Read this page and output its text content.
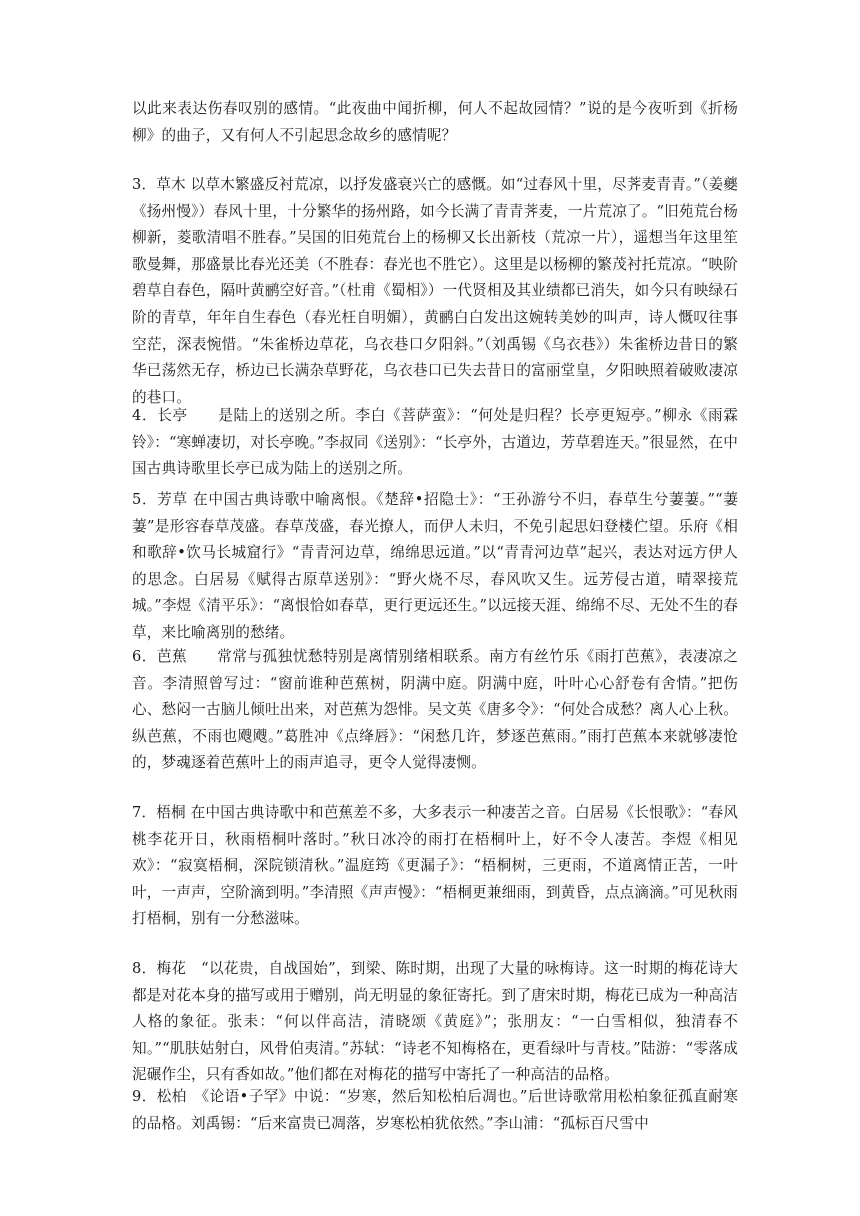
以此来表达伤春叹别的感情。“此夜曲中闻折柳，何人不起故园情？”说的是今夜听到《折杨柳》的曲子，又有何人不引起思念故乡的感情呢？

3．草木 以草木繁盛反衬荒凉，以抒发盛衰兴亡的感慨。如“过春风十里，尽荠麦青青。”（姜夔《扬州慢》）春风十里，十分繁华的扬州路，如今长满了青青荠麦，一片荒凉了。“旧苑荒台杨柳新，菱歌清唱不胜春。”吴国的旧苑荒台上的杨柳又长出新枝（荒凉一片），遥想当年这里笙歌曼舞，那盛景比春光还美（不胜春：春光也不胜它）。这里是以杨柳的繁茂衬托荒凉。“映阶碧草自春色，隔叶黄鹂空好音。”（杜甫《蜀相》）一代贤相及其业绩都已消失，如今只有映绿石阶的青草，年年自生春色（春光枉自明媚），黄鹂白白发出这婉转美妙的叫声，诗人慨叹往事空茫，深表惋惜。“朱雀桥边草花，乌衣巷口夕阳斜。”（刘禹锡《乌衣巷》）朱雀桥边昔日的繁华已荡然无存，桥边已长满杂草野花，乌衣巷口已失去昔日的富丽堂皇，夕阳映照着破败凄凉的巷口。

4．长亭　　是陆上的送别之所。李白《菩萨蛮》：“何处是归程？长亭更短亭。”柳永《雨霖铃》：“寒蝉凄切，对长亭晚。”李叔同《送别》：“长亭外，古道边，芳草碧连天。”很显然，在中国古典诗歌里长亭已成为陆上的送别之所。

5．芳草 在中国古典诗歌中喻离恨。《楚辞•招隐士》：“王孙游兮不归，春草生兮萋萋。”“萋萋”是形容春草茂盛。春草茂盛，春光撩人，而伊人未归，不免引起思妇登楼伫望。乐府《相和歌辞•饮马长城窟行》“青青河边草，绵绵思远道。”以“青青河边草”起兴，表达对远方伊人的思念。白居易《赋得古原草送别》：“野火烧不尽，春风吹又生。远芳侵古道，晴翠接荒城。”李煜《清平乐》：“离恨恰如春草，更行更远还生。”以远接天涯、绵绵不尽、无处不生的春草，来比喻离别的愁绪。

6．芭蕉　　常常与孤独忧愁特别是离情别绪相联系。南方有丝竹乐《雨打芭蕉》，表凄凉之音。李清照曾写过：“窗前谁种芭蕉树，阴满中庭。阴满中庭，叶叶心心舒卷有舍情。”把伤心、愁闷一古脑儿倾吐出来，对芭蕉为怨悱。吴文英《唐多令》：“何处合成愁？离人心上秋。纵芭蕉，不雨也飕飕。”葛胜冲《点绛唇》：“闲愁几许，梦逐芭蕉雨。”雨打芭蕉本来就够凄怆的，梦魂逐着芭蕉叶上的雨声追寻，更令人觉得凄恻。

7．梧桐 在中国古典诗歌中和芭蕉差不多，大多表示一种凄苦之音。白居易《长恨歌》：“春风桃李花开日，秋雨梧桐叶落时。”秋日冰冷的雨打在梧桐叶上，好不令人凄苦。李煜《相见欢》：“寂寞梧桐，深院锁清秋。”温庭筠《更漏子》：“梧桐树，三更雨，不道离情正苦，一叶叶，一声声，空阶滴到明。”李清照《声声慢》：“梧桐更兼细雨，到黄昏，点点滴滴。”可见秋雨打梧桐，别有一分愁滋味。

8．梅花　“以花贵，自战国始”，到梁、陈时期，出现了大量的咏梅诗。这一时期的梅花诗大都是对花本身的描写或用于赠别，尚无明显的象征寄托。到了唐宋时期，梅花已成为一种高洁人格的象征。张耒：“何以伴高洁，清晓颂《黄庭》”；张朋友：“一白雪相似，独清春不知。”“肌肤姑射白，风骨伯夷清。”苏轼：“诗老不知梅格在，更看绿叶与青枝。”陆游：“零落成泥碾作尘，只有香如故。”他们都在对梅花的描写中寄托了一种高洁的品格。

9．松柏　《论语•子罕》中说：“岁寒，然后知松柏后凋也。”后世诗歌常用松柏象征孤直耐寒的品格。刘禹锡：“后来富贵已凋落，岁寒松柏犹依然。”李山浦：“孤标百尺雪中
